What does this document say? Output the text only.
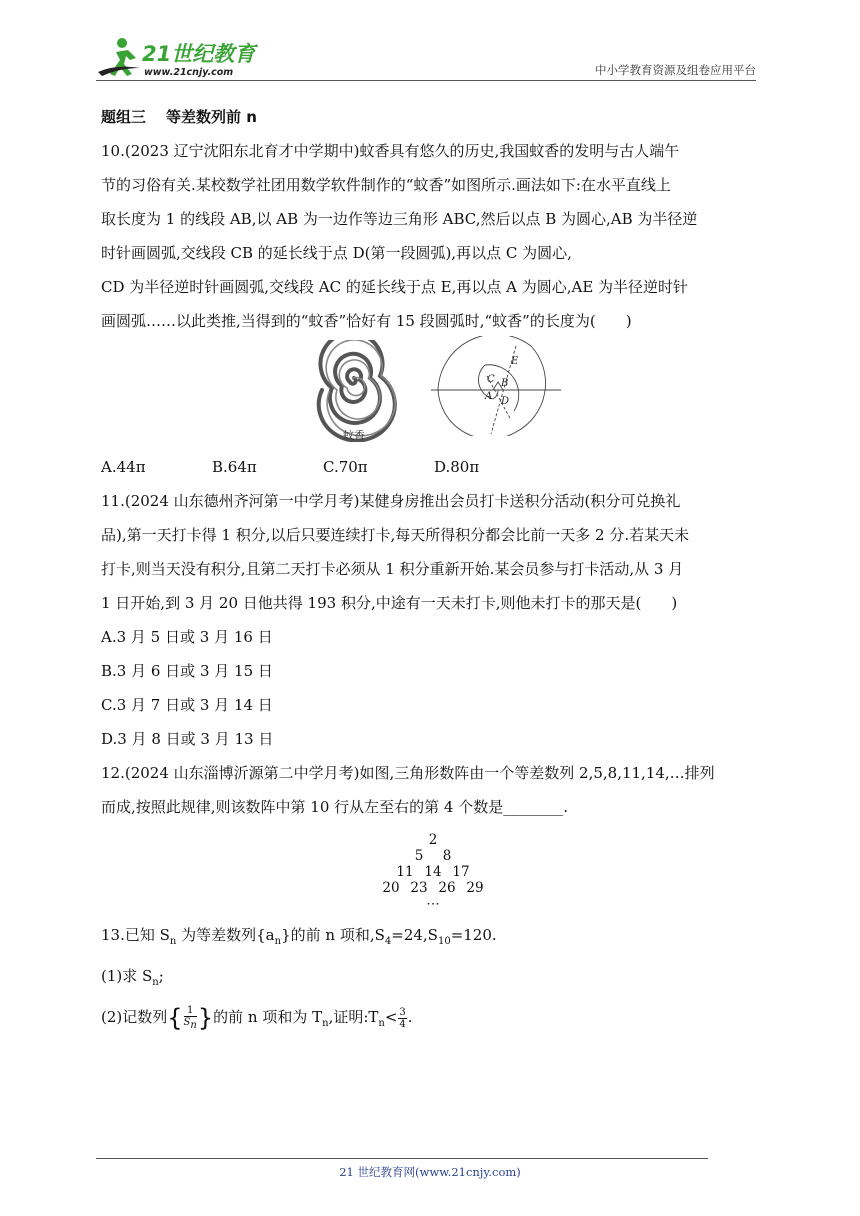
21世纪教育
www.21cnjy.com	中小学教育资源及组卷应用平台
题组三 等差数列前 n
10.(2023 辽宁沈阳东北育才中学期中)蚊香具有悠久的历史,我国蚊香的发明与古人端午
节的习俗有关.某校数学社团用数学软件制作的“蚊香”如图所示.画法如下:在水平直线上
取长度为 1 的线段 AB,以 AB 为一边作等边三角形 ABC,然后以点 B 为圆心,AB 为半径逆
时针画圆弧,交线段 CB 的延长线于点 D(第一段圆弧),再以点 C 为圆心,
CD 为半径逆时针画圆弧,交线段 AC 的延长线于点 E,再以点 A 为圆心,AE 为半径逆时针
画圆弧……以此类推,当得到的“蚊香”恰好有 15 段圆弧时,“蚊香”的长度为(　　)
蚊香
C B
E
A D
A.44π	B.64π	C.70π	D.80π
11.(2024 山东德州齐河第一中学月考)某健身房推出会员打卡送积分活动(积分可兑换礼
品),第一天打卡得 1 积分,以后只要连续打卡,每天所得积分都会比前一天多 2 分.若某天未
打卡,则当天没有积分,且第二天打卡必须从 1 积分重新开始.某会员参与打卡活动,从 3 月
1 日开始,到 3 月 20 日他共得 193 积分,中途有一天未打卡,则他未打卡的那天是(　　)
A.3 月 5 日或 3 月 16 日
B.3 月 6 日或 3 月 15 日
C.3 月 7 日或 3 月 14 日
D.3 月 8 日或 3 月 13 日
12.(2024 山东淄博沂源第二中学月考)如图,三角形数阵由一个等差数列 2,5,8,11,14,…排列
而成,按照此规律,则该数阵中第 10 行从左至右的第 4 个数是________.
2
5 8
11 14 17
20 23 26 29
⋯
13.已知 $S_n$ 为等差数列$\{a_n\}$的前 n 项和$,S_4=24,S_{10}=120$.
(1)求 $S_n$;
(2)记数列{ $\frac{1}{S_n}$ }的前 n 项和为 $T_n$,证明$:T_n< \frac{3}{4}$ .
21 世纪教育网(www.21cnjy.com)
